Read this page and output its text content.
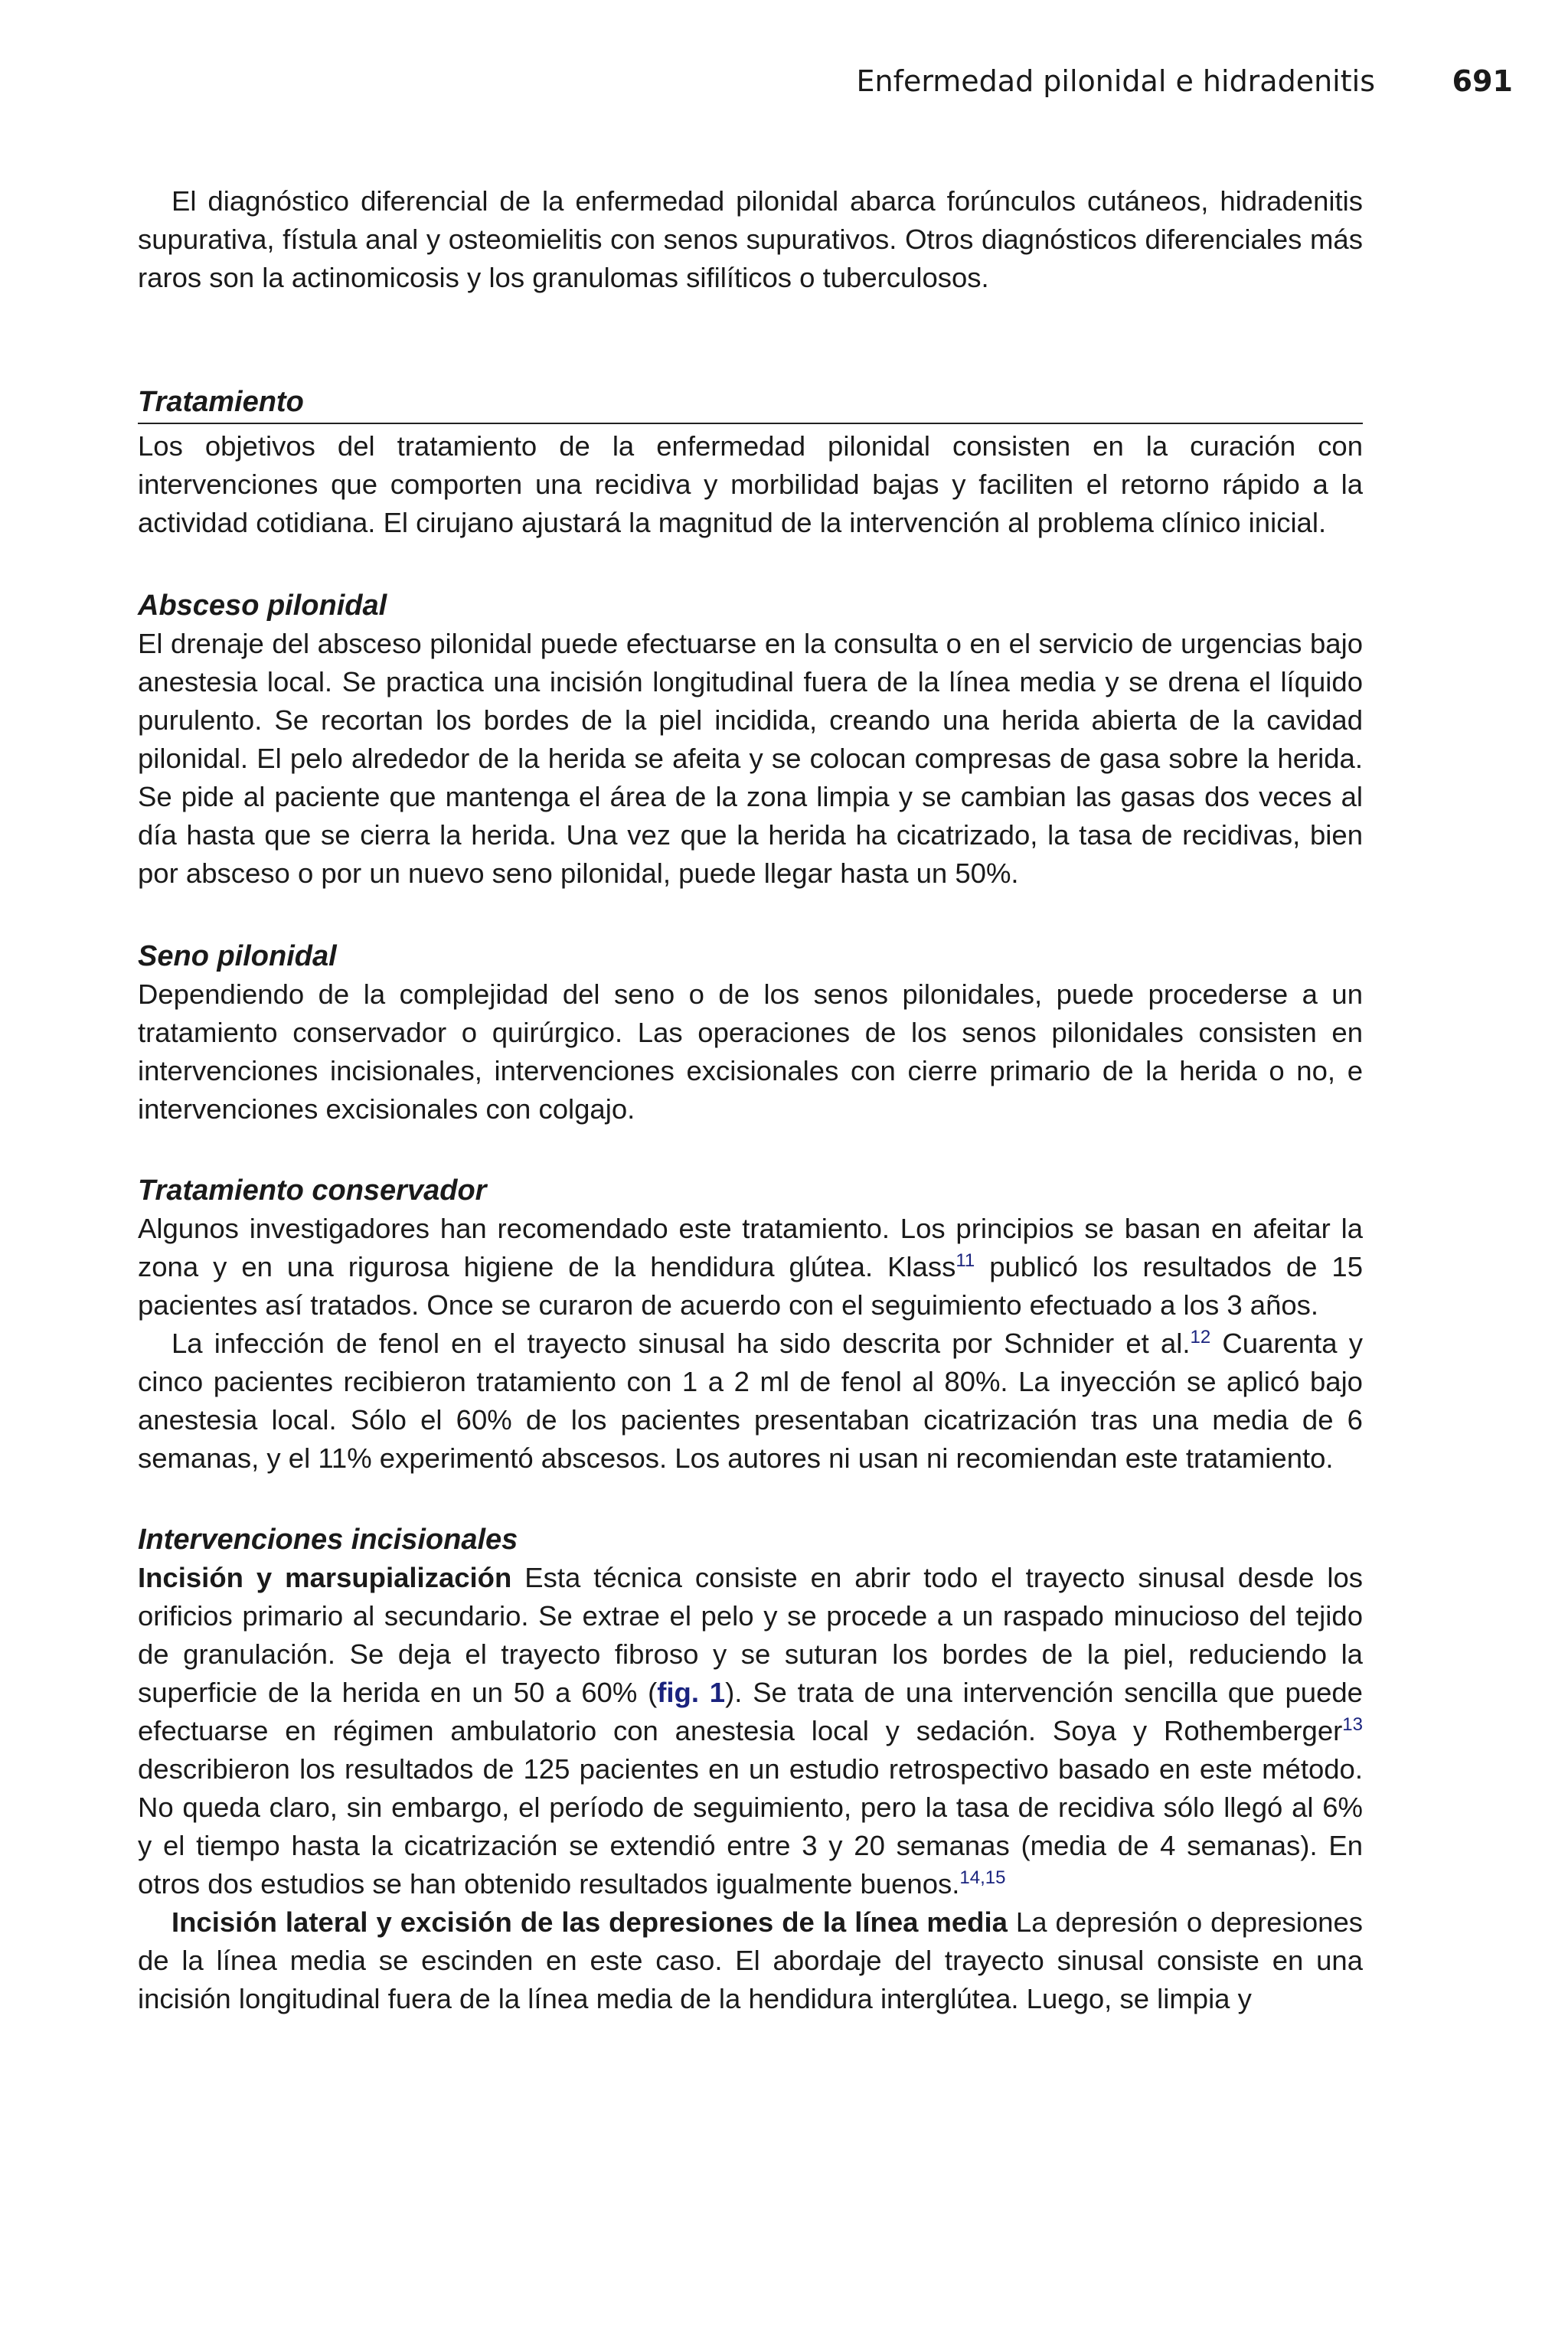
Enfermedad pilonidal e hidradenitis	691

El diagnóstico diferencial de la enfermedad pilonidal abarca forúnculos cutáneos, hidradenitis supurativa, fístula anal y osteomielitis con senos supurativos. Otros diagnósticos diferenciales más raros son la actinomicosis y los granulomas sifilíticos o tuberculosos.

Tratamiento

Los objetivos del tratamiento de la enfermedad pilonidal consisten en la curación con intervenciones que comporten una recidiva y morbilidad bajas y faciliten el retorno rápido a la actividad cotidiana. El cirujano ajustará la magnitud de la intervención al problema clínico inicial.

Absceso pilonidal

El drenaje del absceso pilonidal puede efectuarse en la consulta o en el servicio de urgencias bajo anestesia local. Se practica una incisión longitudinal fuera de la línea media y se drena el líquido purulento. Se recortan los bordes de la piel incidida, creando una herida abierta de la cavidad pilonidal. El pelo alrededor de la herida se afeita y se colocan compresas de gasa sobre la herida. Se pide al paciente que mantenga el área de la zona limpia y se cambian las gasas dos veces al día hasta que se cierra la herida. Una vez que la herida ha cicatrizado, la tasa de recidivas, bien por absceso o por un nuevo seno pilonidal, puede llegar hasta un 50%.

Seno pilonidal

Dependiendo de la complejidad del seno o de los senos pilonidales, puede procederse a un tratamiento conservador o quirúrgico. Las operaciones de los senos pilonidales consisten en intervenciones incisionales, intervenciones excisionales con cierre primario de la herida o no, e intervenciones excisionales con colgajo.

Tratamiento conservador

Algunos investigadores han recomendado este tratamiento. Los principios se basan en afeitar la zona y en una rigurosa higiene de la hendidura glútea. Klass$^{11}$ publicó los resultados de 15 pacientes así tratados. Once se curaron de acuerdo con el seguimiento efectuado a los 3 años.

La infección de fenol en el trayecto sinusal ha sido descrita por Schnider et al.$^{12}$ Cuarenta y cinco pacientes recibieron tratamiento con 1 a 2 ml de fenol al 80%. La inyección se aplicó bajo anestesia local. Sólo el 60% de los pacientes presentaban cicatrización tras una media de 6 semanas, y el 11% experimentó abscesos. Los autores ni usan ni recomiendan este tratamiento.

Intervenciones incisionales

Incisión y marsupialización Esta técnica consiste en abrir todo el trayecto sinusal desde los orificios primario al secundario. Se extrae el pelo y se procede a un raspado minucioso del tejido de granulación. Se deja el trayecto fibroso y se suturan los bordes de la piel, reduciendo la superficie de la herida en un 50 a 60% (fig. 1). Se trata de una intervención sencilla que puede efectuarse en régimen ambulatorio con anestesia local y sedación. Soya y Rothemberger$^{13}$ describieron los resultados de 125 pacientes en un estudio retrospectivo basado en este método. No queda claro, sin embargo, el período de seguimiento, pero la tasa de recidiva sólo llegó al 6% y el tiempo hasta la cicatrización se extendió entre 3 y 20 semanas (media de 4 semanas). En otros dos estudios se han obtenido resultados igualmente buenos.$^{14,15}$

Incisión lateral y excisión de las depresiones de la línea media La depresión o depresiones de la línea media se escinden en este caso. El abordaje del trayecto sinusal consiste en una incisión longitudinal fuera de la línea media de la hendidura interglútea. Luego, se limpia y
